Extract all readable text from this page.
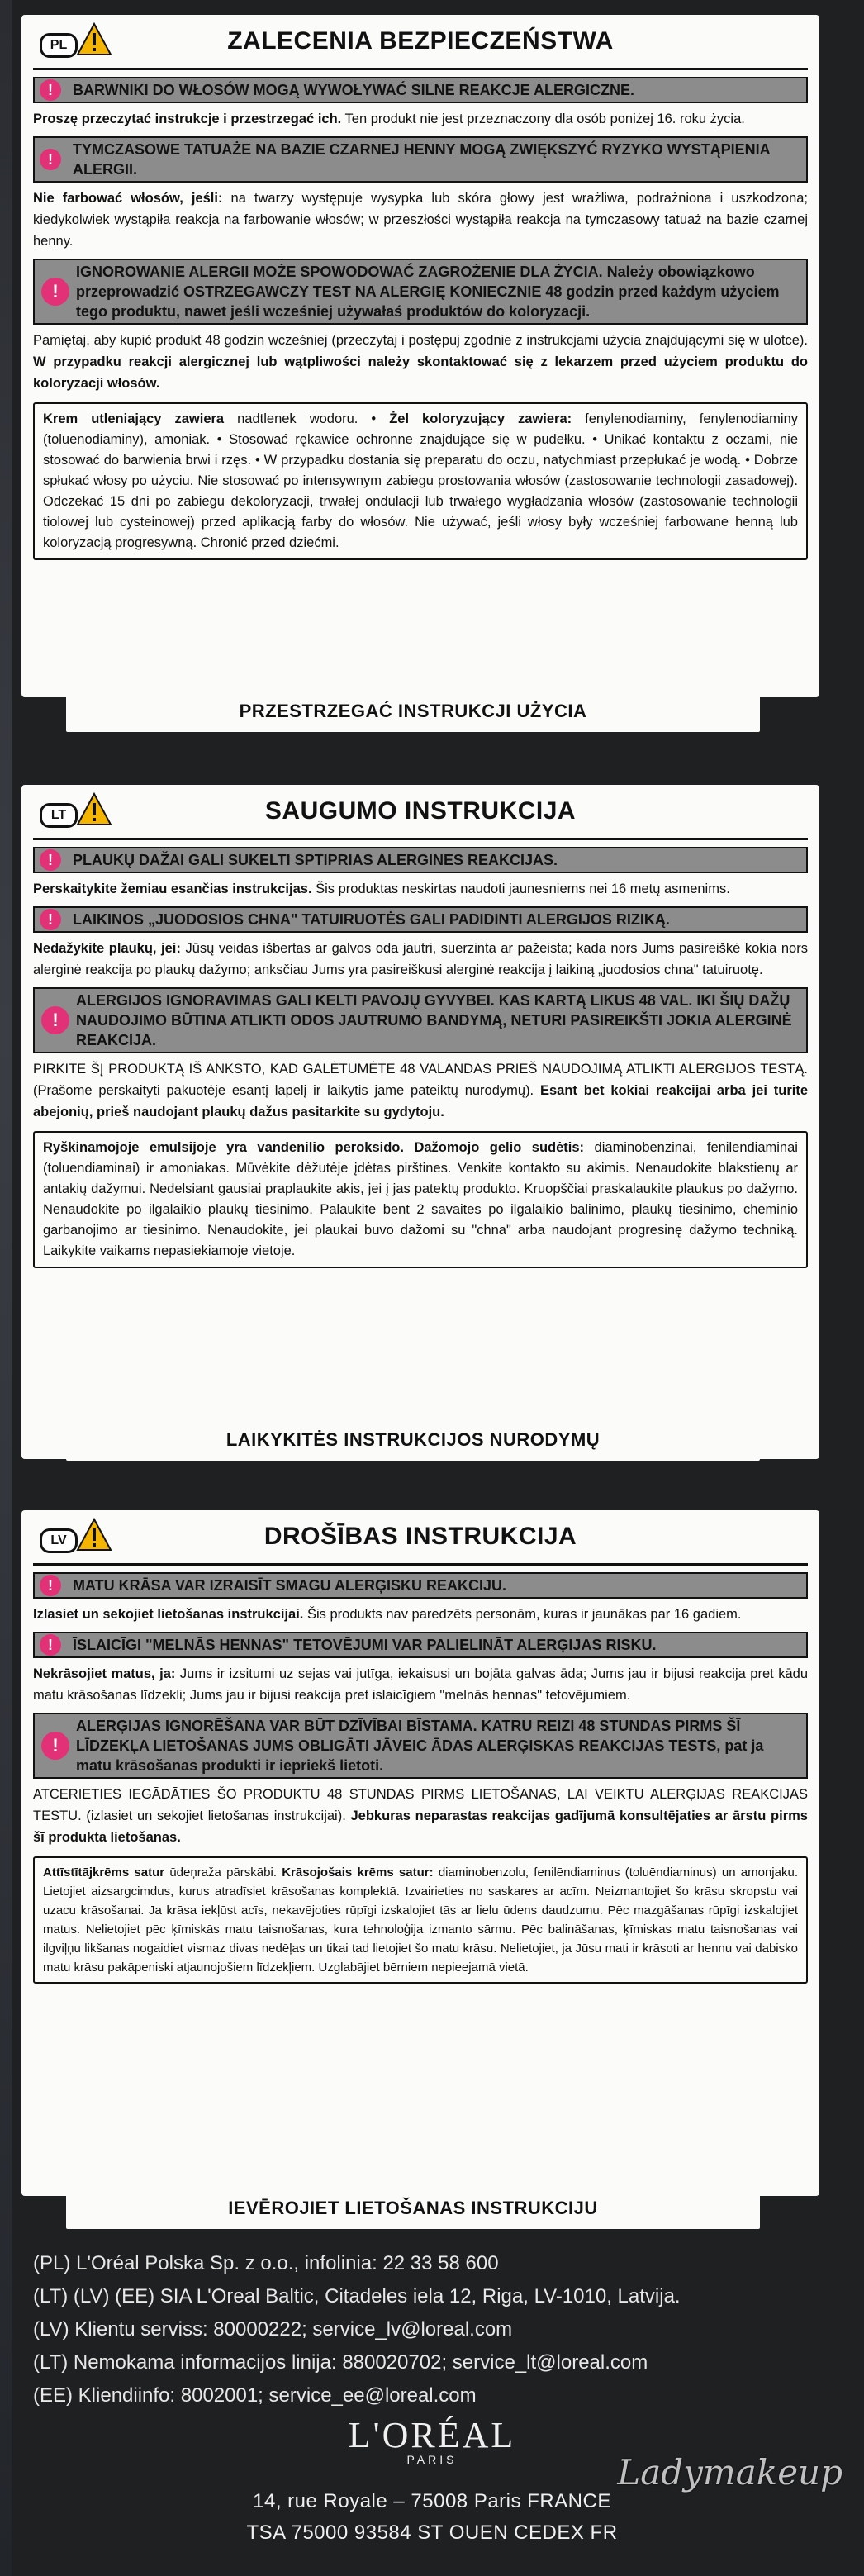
PL	ZALECENIA BEZPIECZEŃSTWA
!	BARWNIKI DO WŁOSÓW MOGĄ WYWOŁYWAĆ SILNE REAKCJE ALERGICZNE.

Proszę przeczytać instrukcje i przestrzegać ich. Ten produkt nie jest przeznaczony dla osób poniżej 16. roku życia.

!
TYMCZASOWE TATUAŻE NA BAZIE CZARNEJ HENNY MOGĄ ZWIĘKSZYĆ RYZYKO WYSTĄPIENIA ALERGII.

Nie farbować włosów, jeśli: na twarzy występuje wysypka lub skóra głowy jest wrażliwa, podrażniona i uszkodzona; kiedykolwiek wystąpiła reakcja na farbowanie włosów; w przeszłości wystąpiła reakcja na tymczasowy tatuaż na bazie czarnej henny.

!
IGNOROWANIE ALERGII MOŻE SPOWODOWAĆ ZAGROŻENIE DLA ŻYCIA. Należy obowiązkowo przeprowadzić OSTRZEGAWCZY TEST NA ALERGIĘ KONIECZNIE 48 godzin przed każdym użyciem tego produktu, nawet jeśli wcześniej używałaś produktów do koloryzacji.

Pamiętaj, aby kupić produkt 48 godzin wcześniej (przeczytaj i postępuj zgodnie z instrukcjami użycia znajdującymi się w ulotce). W przypadku reakcji alergicznej lub wątpliwości należy skontaktować się z lekarzem przed użyciem produktu do koloryzacji włosów.

Krem utleniający zawiera nadtlenek wodoru. • Żel koloryzujący zawiera: fenylenodiaminy, fenylenodiaminy (toluenodiaminy), amoniak. • Stosować rękawice ochronne znajdujące się w pudełku. • Unikać kontaktu z oczami, nie stosować do barwienia brwi i rzęs. • W przypadku dostania się preparatu do oczu, natychmiast przepłukać je wodą. • Dobrze spłukać włosy po użyciu. Nie stosować po intensywnym zabiegu prostowania włosów (zastosowanie technologii zasadowej). Odczekać 15 dni po zabiegu dekoloryzacji, trwałej ondulacji lub trwałego wygładzania włosów (zastosowanie technologii tiolowej lub cysteinowej) przed aplikacją farby do włosów. Nie używać, jeśli włosy były wcześniej farbowane henną lub koloryzacją progresywną. Chronić przed dziećmi.
PRZESTRZEGAĆ INSTRUKCJI UŻYCIA
LT	SAUGUMO INSTRUKCIJA
!	PLAUKŲ DAŽAI GALI SUKELTI SPTIPRIAS ALERGINES REAKCIJAS.

Perskaitykite žemiau esančias instrukcijas. Šis produktas neskirtas naudoti jaunesniems nei 16 metų asmenims.

!	LAIKINOS „JUODOSIOS CHNA" TATUIRUOTĖS GALI PADIDINTI ALERGIJOS RIZIKĄ.

Nedažykite plaukų, jei: Jūsų veidas išbertas ar galvos oda jautri, suerzinta ar pažeista; kada nors Jums pasireiškė kokia nors alerginė reakcija po plaukų dažymo; anksčiau Jums yra pasireiškusi alerginė reakcija į laikiną „juodosios chna" tatuiruotę.

!
ALERGIJOS IGNORAVIMAS GALI KELTI PAVOJŲ GYVYBEI. KAS KARTĄ LIKUS 48 VAL. IKI ŠIŲ DAŽŲ NAUDOJIMO BŪTINA ATLIKTI ODOS JAUTRUMO BANDYMĄ, NETURI PASIREIKŠTI JOKIA ALERGINĖ REAKCIJA.

PIRKITE ŠĮ PRODUKTĄ IŠ ANKSTO, KAD GALĖTUMĖTE 48 VALANDAS PRIEŠ NAUDOJIMĄ ATLIKTI ALERGIJOS TESTĄ. (Prašome perskaityti pakuotėje esantį lapelį ir laikytis jame pateiktų nurodymų). Esant bet kokiai reakcijai arba jei turite abejonių, prieš naudojant plaukų dažus pasitarkite su gydytoju.

Ryškinamojoje emulsijoje yra vandenilio peroksido. Dažomojo gelio sudėtis: diaminobenzinai, fenilendiaminai (toluendiaminai) ir amoniakas. Mūvėkite dėžutėje įdėtas pirštines. Venkite kontakto su akimis. Nenaudokite blakstienų ar antakių dažymui. Nedelsiant gausiai praplaukite akis, jei į jas patektų produkto. Kruopščiai praskalaukite plaukus po dažymo. Nenaudokite po ilgalaikio plaukų tiesinimo. Palaukite bent 2 savaites po ilgalaikio balinimo, plaukų tiesinimo, cheminio garbanojimo ar tiesinimo. Nenaudokite, jei plaukai buvo dažomi su "chna" arba naudojant progresinę dažymo techniką. Laikykite vaikams nepasiekiamoje vietoje.
LAIKYKITĖS INSTRUKCIJOS NURODYMŲ
LV	DROŠĪBAS INSTRUKCIJA
!	MATU KRĀSA VAR IZRAISĪT SMAGU ALERĢISKU REAKCIJU.

Izlasiet un sekojiet lietošanas instrukcijai. Šis produkts nav paredzēts personām, kuras ir jaunākas par 16 gadiem.

!	ĪSLAICĪGI "MELNĀS HENNAS" TETOVĒJUMI VAR PALIELINĀT ALERĢIJAS RISKU.

Nekrāsojiet matus, ja: Jums ir izsitumi uz sejas vai jutīga, iekaisusi un bojāta galvas āda; Jums jau ir bijusi reakcija pret kādu matu krāsošanas līdzekli; Jums jau ir bijusi reakcija pret islaicīgiem "melnās hennas" tetovējumiem.

!
ALERĢIJAS IGNORĒŠANA VAR BŪT DZĪVĪBAI BĪSTAMA. KATRU REIZI 48 STUNDAS PIRMS ŠĪ LĪDZEKĻA LIETOŠANAS JUMS OBLIGĀTI JĀVEIC ĀDAS ALERĢISKAS REAKCIJAS TESTS, pat ja matu krāsošanas produkti ir iepriekš lietoti.

ATCERIETIES IEGĀDĀTIES ŠO PRODUKTU 48 STUNDAS PIRMS LIETOŠANAS, LAI VEIKTU ALERĢIJAS REAKCIJAS TESTU. (izlasiet un sekojiet lietošanas instrukcijai). Jebkuras neparastas reakcijas gadījumā konsultējaties ar ārstu pirms šī produkta lietošanas.

Attīstītājkrēms satur ūdeņraža pārskābi. Krāsojošais krēms satur: diaminobenzolu, fenilēndiaminus (toluēndiaminus) un amonjaku. Lietojiet aizsargcimdus, kurus atradīsiet krāsošanas komplektā. Izvairieties no saskares ar acīm. Neizmantojiet šo krāsu skropstu vai uzacu krāsošanai. Ja krāsa iekļūst acīs, nekavējoties rūpīgi izskalojiet tās ar lielu ūdens daudzumu. Pēc mazgāšanas rūpīgi izskalojiet matus. Nelietojiet pēc ķīmiskās matu taisnošanas, kura tehnoloģija izmanto sārmu. Pēc balināšanas, ķīmiskas matu taisnošanas vai ilgviļņu likšanas nogaidiet vismaz divas nedēļas un tikai tad lietojiet šo matu krāsu. Nelietojiet, ja Jūsu mati ir krāsoti ar hennu vai dabisko matu krāsu pakāpeniski atjaunojošiem līdzekļiem. Uzglabājiet bērniem nepieejamā vietā.
IEVĒROJIET LIETOŠANAS INSTRUKCIJU
(PL) L'Oréal Polska Sp. z o.o., infolinia: 22 33 58 600
(LT) (LV) (EE) SIA L'Oreal Baltic, Citadeles iela 12, Riga, LV-1010, Latvija.
(LV) Klientu serviss: 80000222; service_lv@loreal.com
(LT) Nemokama informacijos linija: 880020702; service_lt@loreal.com
(EE) Kliendiinfo: 8002001; service_ee@loreal.com
L'ORÉAL
PARIS
14, rue Royale – 75008 Paris FRANCE
TSA 75000 93584 ST OUEN CEDEX FR
Ladymakeup
